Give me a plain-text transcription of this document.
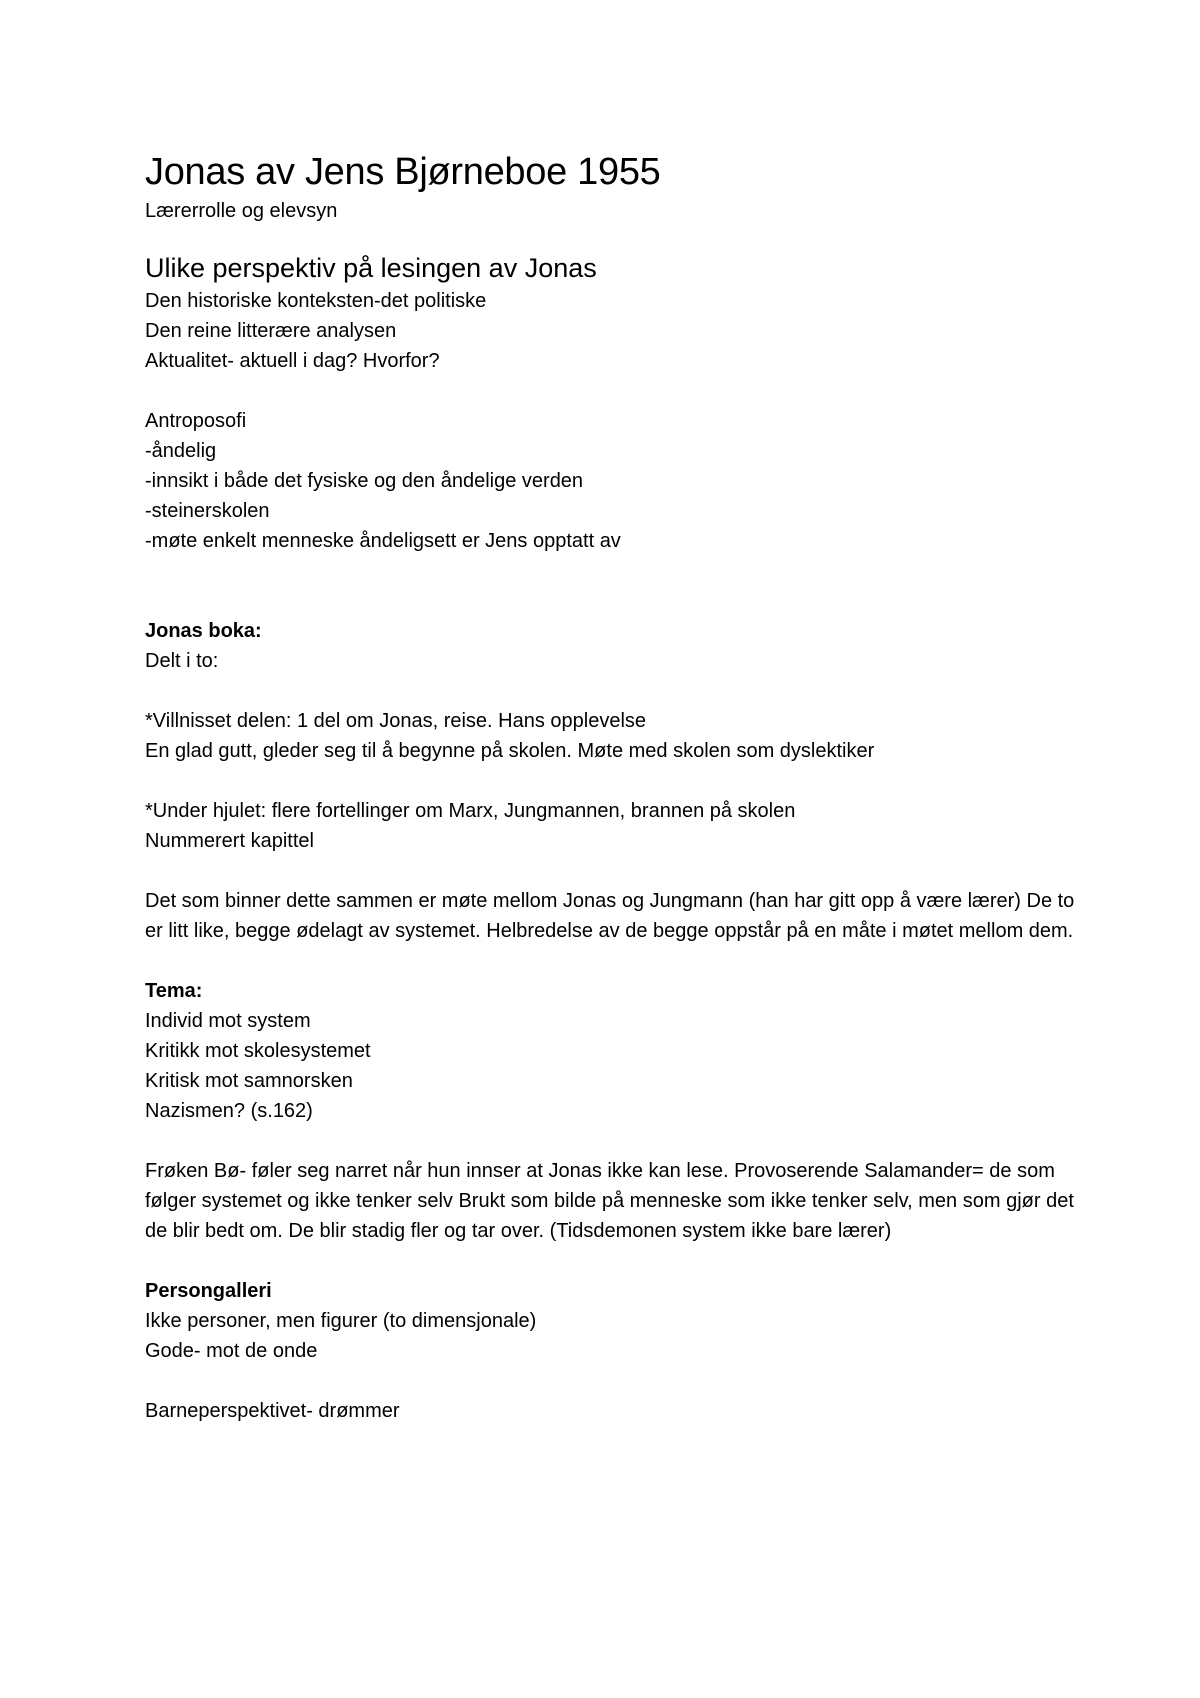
Jonas av Jens Bjørneboe 1955

Lærerrolle og elevsyn

Ulike perspektiv på lesingen av Jonas

Den historiske konteksten-det politiske

Den reine litterære analysen

Aktualitet- aktuell i dag? Hvorfor?

Antroposofi

-åndelig

-innsikt i både det fysiske og den åndelige verden

-steinerskolen

-møte enkelt menneske åndeligsett er Jens opptatt av

Jonas boka:

Delt i to:

*Villnisset delen: 1 del om Jonas, reise. Hans opplevelse

En glad gutt, gleder seg til å begynne på skolen. Møte med skolen som dyslektiker

*Under hjulet: flere fortellinger om Marx, Jungmannen, brannen på skolen

Nummerert kapittel

Det som binner dette sammen er møte mellom Jonas og Jungmann (han har gitt opp å være lærer) De to er litt like, begge ødelagt av systemet. Helbredelse av de begge oppstår på en måte i møtet mellom dem.

Tema:

Individ mot system

Kritikk mot skolesystemet

Kritisk mot samnorsken

Nazismen? (s.162)

Frøken Bø- føler seg narret når hun innser at Jonas ikke kan lese. Provoserende Salamander= de som følger systemet og ikke tenker selv Brukt som bilde på menneske som ikke tenker selv, men som gjør det de blir bedt om. De blir stadig fler og tar over. (Tidsdemonen system ikke bare lærer)

Persongalleri

Ikke personer, men figurer (to dimensjonale)

Gode- mot de onde

Barneperspektivet- drømmer
